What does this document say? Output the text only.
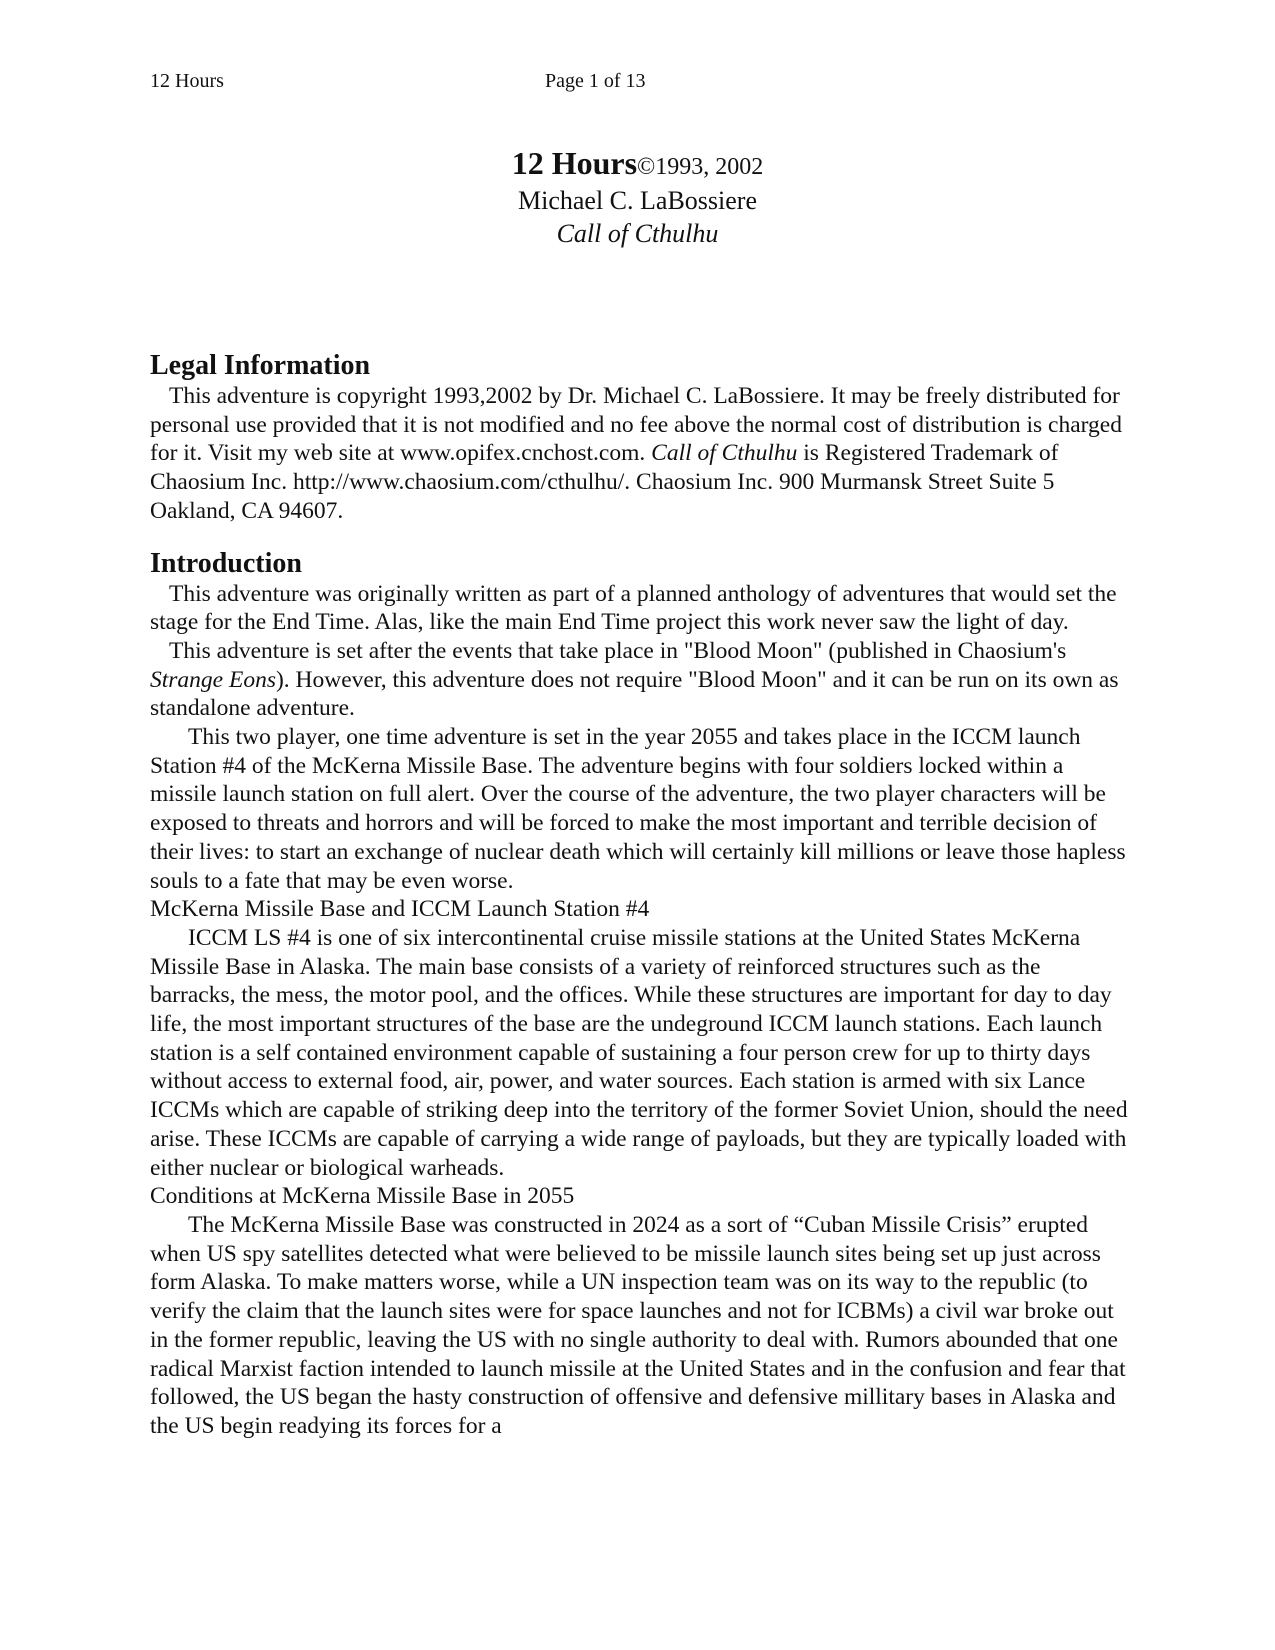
12 Hours	Page 1 of 13
12 Hours©1993, 2002
Michael C. LaBossiere
Call of Cthulhu
Legal Information

This adventure is copyright 1993,2002 by Dr. Michael C. LaBossiere. It may be freely distributed for personal use provided that it is not modified and no fee above the normal cost of distribution is charged for it. Visit my web site at www.opifex.cnchost.com. Call of Cthulhu is Registered Trademark of Chaosium Inc. http://www.chaosium.com/cthulhu/. Chaosium Inc. 900 Murmansk Street Suite 5 Oakland, CA 94607.

Introduction

This adventure was originally written as part of a planned anthology of adventures that would set the stage for the End Time. Alas, like the main End Time project this work never saw the light of day.

This adventure is set after the events that take place in "Blood Moon" (published in Chaosium's Strange Eons). However, this adventure does not require "Blood Moon" and it can be run on its own as standalone adventure.

This two player, one time adventure is set in the year 2055 and takes place in the ICCM launch Station #4 of the McKerna Missile Base. The adventure begins with four soldiers locked within a missile launch station on full alert. Over the course of the adventure, the two player characters will be exposed to threats and horrors and will be forced to make the most important and terrible decision of their lives: to start an exchange of nuclear death which will certainly kill millions or leave those hapless souls to a fate that may be even worse.

McKerna Missile Base and ICCM Launch Station #4

ICCM LS #4 is one of six intercontinental cruise missile stations at the United States McKerna Missile Base in Alaska. The main base consists of a variety of reinforced structures such as the barracks, the mess, the motor pool, and the offices. While these structures are important for day to day life, the most important structures of the base are the undeground ICCM launch stations. Each launch station is a self contained environment capable of sustaining a four person crew for up to thirty days without access to external food, air, power, and water sources. Each station is armed with six Lance ICCMs which are capable of striking deep into the territory of the former Soviet Union, should the need arise. These ICCMs are capable of carrying a wide range of payloads, but they are typically loaded with either nuclear or biological warheads.

Conditions at McKerna Missile Base in 2055

The McKerna Missile Base was constructed in 2024 as a sort of “Cuban Missile Crisis” erupted when US spy satellites detected what were believed to be missile launch sites being set up just across form Alaska. To make matters worse, while a UN inspection team was on its way to the republic (to verify the claim that the launch sites were for space launches and not for ICBMs) a civil war broke out in the former republic, leaving the US with no single authority to deal with. Rumors abounded that one radical Marxist faction intended to launch missile at the United States and in the confusion and fear that followed, the US began the hasty construction of offensive and defensive millitary bases in Alaska and the US begin readying its forces for a
